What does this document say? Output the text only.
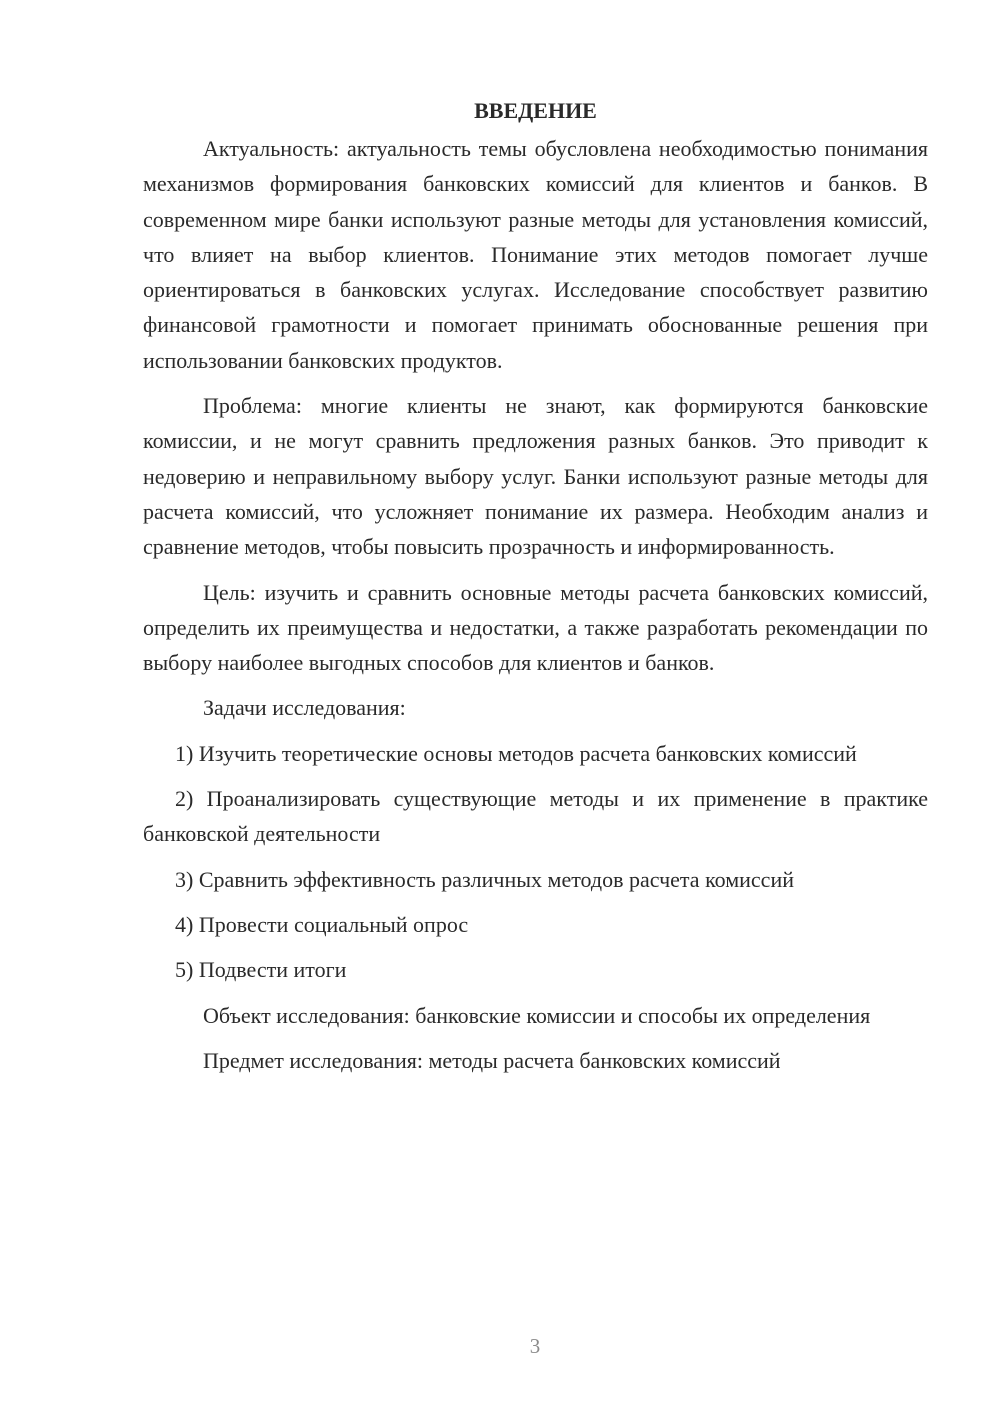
ВВЕДЕНИЕ

Актуальность: актуальность темы обусловлена необходимостью понимания механизмов формирования банковских комиссий для клиентов и банков. В современном мире банки используют разные методы для установления комиссий, что влияет на выбор клиентов. Понимание этих методов помогает лучше ориентироваться в банковских услугах. Исследование способствует развитию финансовой грамотности и помогает принимать обоснованные решения при использовании банковских продуктов.

Проблема: многие клиенты не знают, как формируются банковские комиссии, и не могут сравнить предложения разных банков. Это приводит к недоверию и неправильному выбору услуг. Банки используют разные методы для расчета комиссий, что усложняет понимание их размера. Необходим анализ и сравнение методов, чтобы повысить прозрачность и информированность.

Цель: изучить и сравнить основные методы расчета банковских комиссий, определить их преимущества и недостатки, а также разработать рекомендации по выбору наиболее выгодных способов для клиентов и банков.

Задачи исследования:

1) Изучить теоретические основы методов расчета банковских комиссий

2) Проанализировать существующие методы и их применение в практике банковской деятельности

3) Сравнить эффективность различных методов расчета комиссий

4) Провести социальный опрос

5) Подвести итоги

Объект исследования: банковские комиссии и способы их определения

Предмет исследования: методы расчета банковских комиссий

3
